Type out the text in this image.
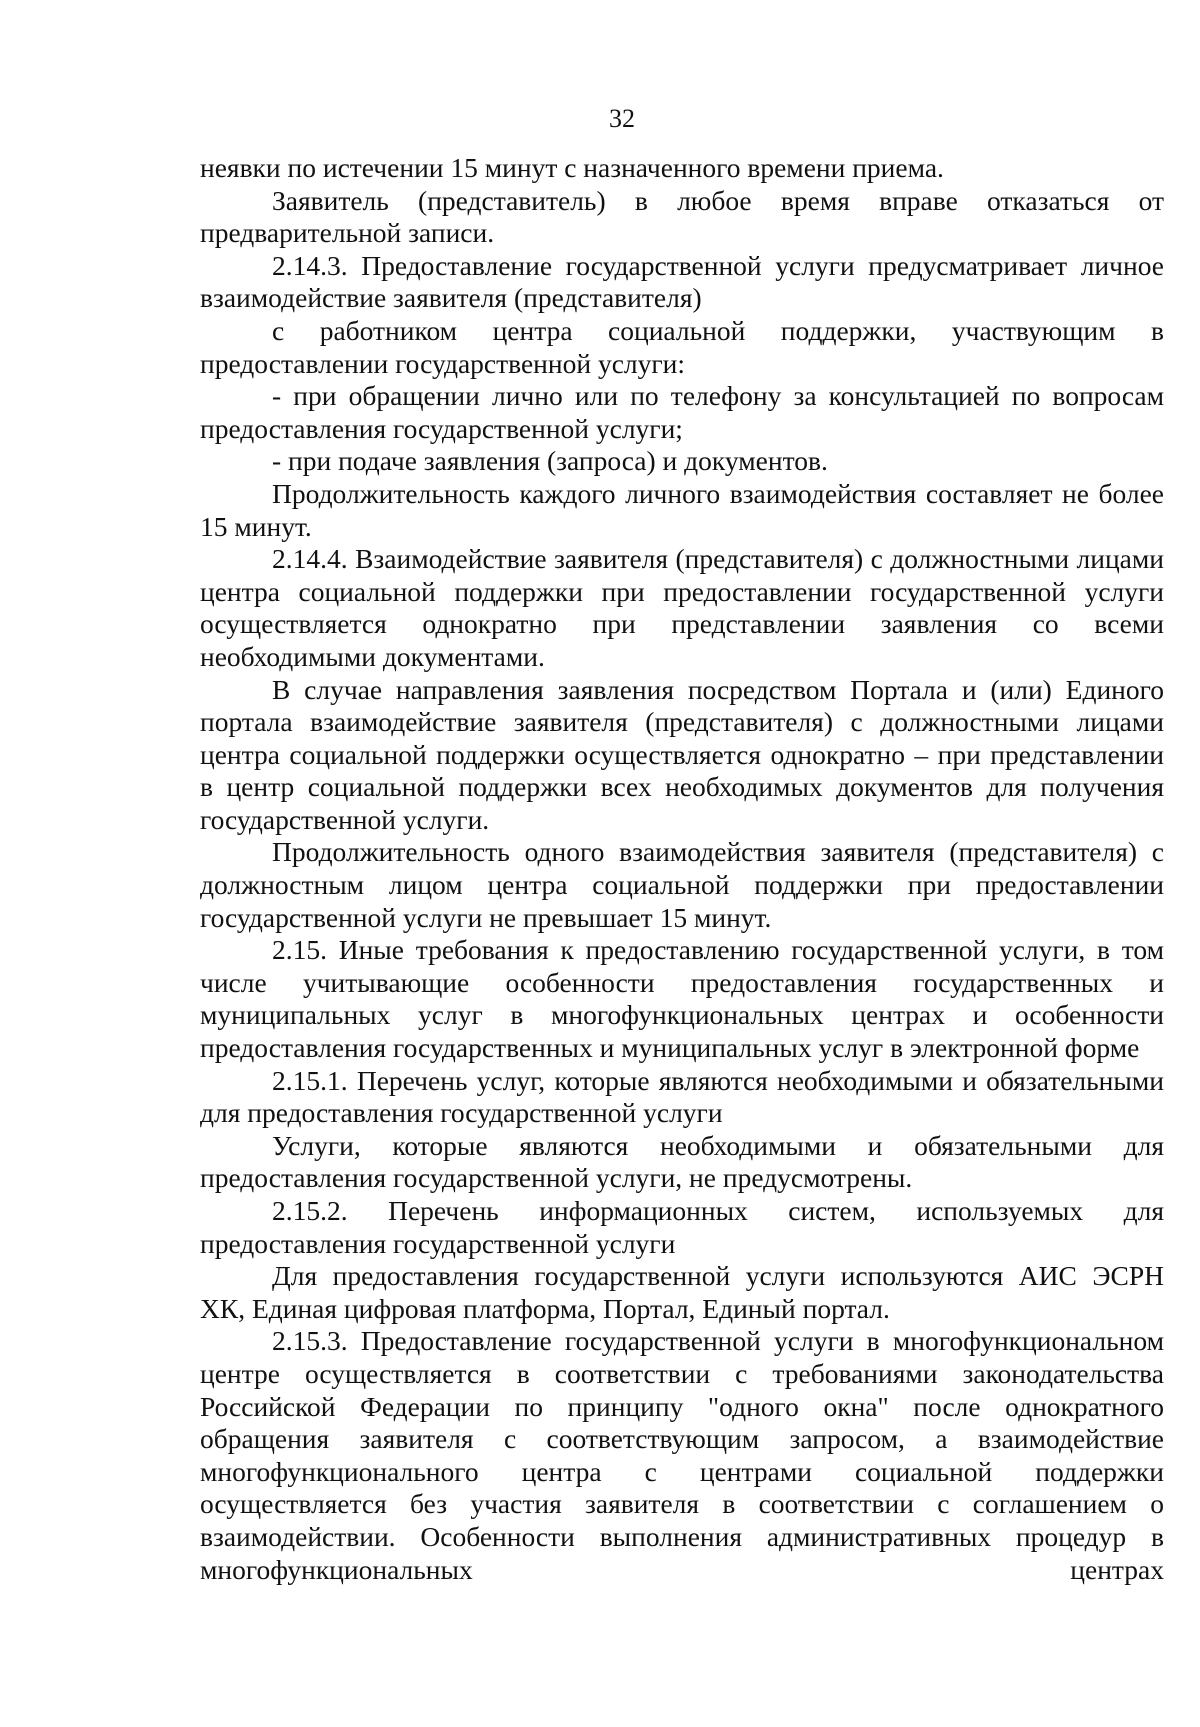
32

неявки по истечении 15 минут с назначенного времени приема.

Заявитель (представитель) в любое время вправе отказаться от предварительной записи.

2.14.3. Предоставление государственной услуги предусматривает личное взаимодействие заявителя (представителя)

с работником центра социальной поддержки, участвующим в предоставлении государственной услуги:

- при обращении лично или по телефону за консультацией по вопросам предоставления государственной услуги;

- при подаче заявления (запроса) и документов.

Продолжительность каждого личного взаимодействия составляет не более 15 минут.

2.14.4. Взаимодействие заявителя (представителя) с должностными лицами центра социальной поддержки при предоставлении государственной услуги осуществляется однократно при представлении заявления со всеми необходимыми документами.

В случае направления заявления посредством Портала и (или) Единого портала взаимодействие заявителя (представителя) с должностными лицами центра социальной поддержки осуществляется однократно – при представлении в центр социальной поддержки всех необходимых документов для получения государственной услуги.

Продолжительность одного взаимодействия заявителя (представителя) с должностным лицом центра социальной поддержки при предоставлении государственной услуги не превышает 15 минут.

2.15. Иные требования к предоставлению государственной услуги, в том числе учитывающие особенности предоставления государственных и муниципальных услуг в многофункциональных центрах и особенности предоставления государственных и муниципальных услуг в электронной форме

2.15.1. Перечень услуг, которые являются необходимыми и обязательными для предоставления государственной услуги

Услуги, которые являются необходимыми и обязательными для предоставления государственной услуги, не предусмотрены.

2.15.2. Перечень информационных систем, используемых для предоставления государственной услуги

Для предоставления государственной услуги используются АИС ЭСРН ХК, Единая цифровая платформа, Портал, Единый портал.

2.15.3. Предоставление государственной услуги в многофункциональном центре осуществляется в соответствии с требованиями законодательства Российской Федерации по принципу "одного окна" после однократного обращения заявителя с соответствующим запросом, а взаимодействие многофункционального центра с центрами социальной поддержки осуществляется без участия заявителя в соответствии с соглашением о взаимодействии. Особенности выполнения административных процедур в многофункциональных центрах
